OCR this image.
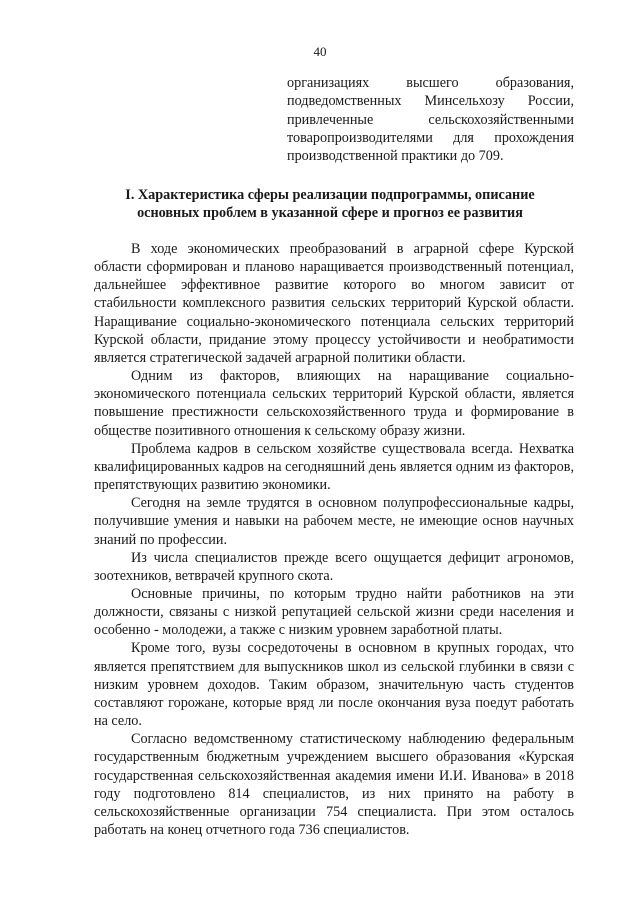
40

организациях высшего образования, подведомственных Минсельхозу России, привлеченные сельскохозяйственными товаропроизводителями для прохождения производственной практики до 709.

I. Характеристика сферы реализации подпрограммы, описание основных проблем в указанной сфере и прогноз ее развития

В ходе экономических преобразований в аграрной сфере Курской области сформирован и планово наращивается производственный потенциал, дальнейшее эффективное развитие которого во многом зависит от стабильности комплексного развития сельских территорий Курской области. Наращивание социально-экономического потенциала сельских территорий Курской области, придание этому процессу устойчивости и необратимости является стратегической задачей аграрной политики области.

Одним из факторов, влияющих на наращивание социально-экономического потенциала сельских территорий Курской области, является повышение престижности сельскохозяйственного труда и формирование в обществе позитивного отношения к сельскому образу жизни.

Проблема кадров в сельском хозяйстве существовала всегда. Нехватка квалифицированных кадров на сегодняшний день является одним из факторов, препятствующих развитию экономики.

Сегодня на земле трудятся в основном полупрофессиональные кадры, получившие умения и навыки на рабочем месте, не имеющие основ научных знаний по профессии.

Из числа специалистов прежде всего ощущается дефицит агрономов, зоотехников, ветврачей крупного скота.

Основные причины, по которым трудно найти работников на эти должности, связаны с низкой репутацией сельской жизни среди населения и особенно - молодежи, а также с низким уровнем заработной платы.

Кроме того, вузы сосредоточены в основном в крупных городах, что является препятствием для выпускников школ из сельской глубинки в связи с низким уровнем доходов. Таким образом, значительную часть студентов составляют горожане, которые вряд ли после окончания вуза поедут работать на село.

Согласно ведомственному статистическому наблюдению федеральным государственным бюджетным учреждением высшего образования «Курская государственная сельскохозяйственная академия имени И.И. Иванова» в 2018 году подготовлено 814 специалистов, из них принято на работу в сельскохозяйственные организации 754 специалиста. При этом осталось работать на конец отчетного года 736 специалистов.
